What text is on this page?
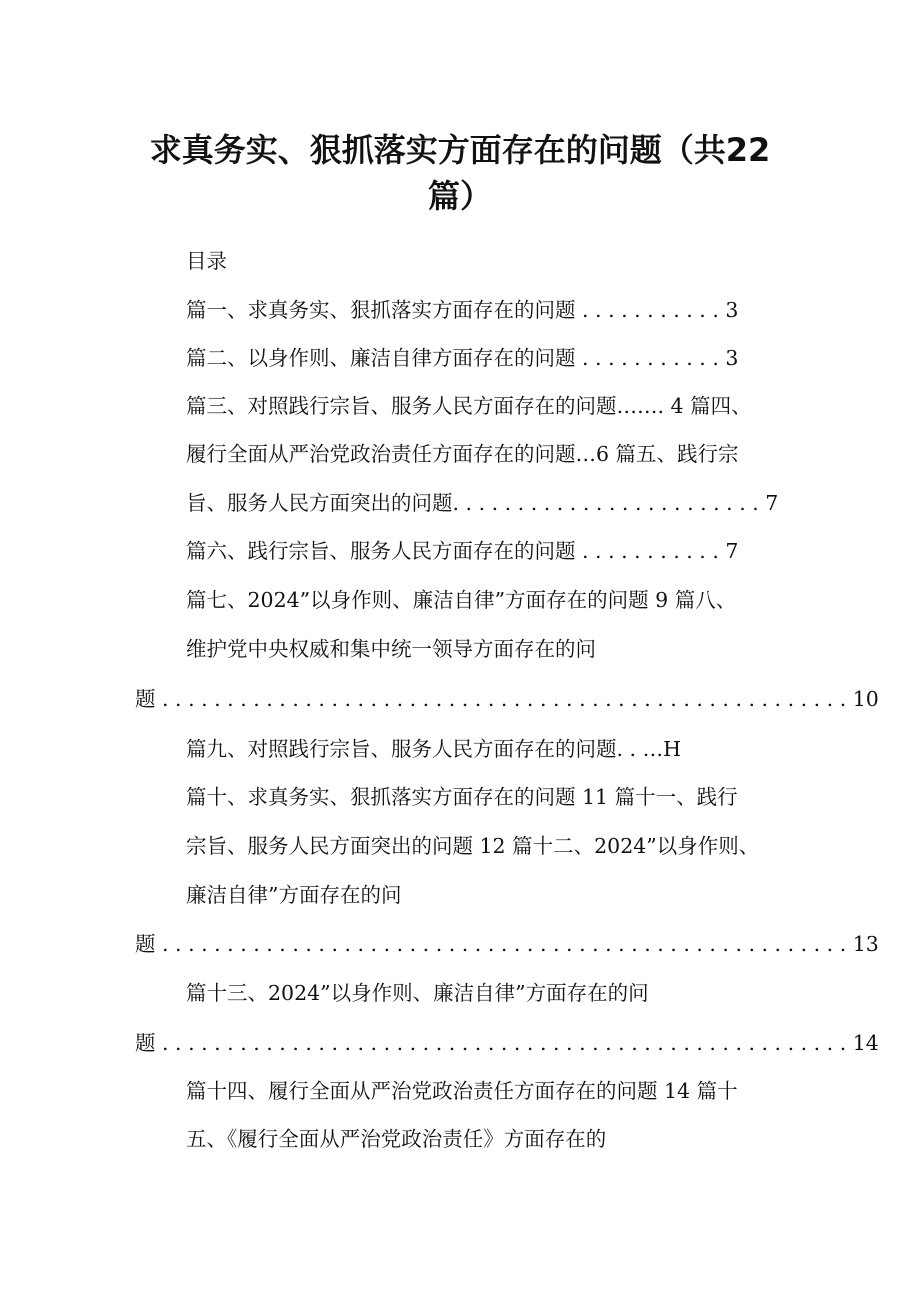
求真务实、狠抓落实方面存在的问题（共22
篇）
目录
篇一、求真务实、狠抓落实方面存在的问题 . . . . . . . . . . . 3
篇二、以身作则、廉洁自律方面存在的问题 . . . . . . . . . . . 3
篇三、对照践行宗旨、服务人民方面存在的问题……. 4 篇四、
履行全面从严治党政治责任方面存在的问题…6 篇五、践行宗
旨、服务人民方面突出的问题. . . . . . . . . . . . . . . . . . . . . . . . 7
篇六、践行宗旨、服务人民方面存在的问题 . . . . . . . . . . . 7
篇七、2024”以身作则、廉洁自律”方面存在的问题 9 篇八、
维护党中央权威和集中统一领导方面存在的问
题 . . . . . . . . . . . . . . . . . . . . . . . . . . . . . . . . . . . . . . . . . . . . . . . . . . . . . 10
篇九、对照践行宗旨、服务人民方面存在的问题. . …H
篇十、求真务实、狠抓落实方面存在的问题 11 篇十一、践行
宗旨、服务人民方面突出的问题 12 篇十二、2024”以身作则、
廉洁自律”方面存在的问
题 . . . . . . . . . . . . . . . . . . . . . . . . . . . . . . . . . . . . . . . . . . . . . . . . . . . . . 13
篇十三、2024”以身作则、廉洁自律”方面存在的问
题 . . . . . . . . . . . . . . . . . . . . . . . . . . . . . . . . . . . . . . . . . . . . . . . . . . . . . 14
篇十四、履行全面从严治党政治责任方面存在的问题 14 篇十
五、《履行全面从严治党政治责任》方面存在的
